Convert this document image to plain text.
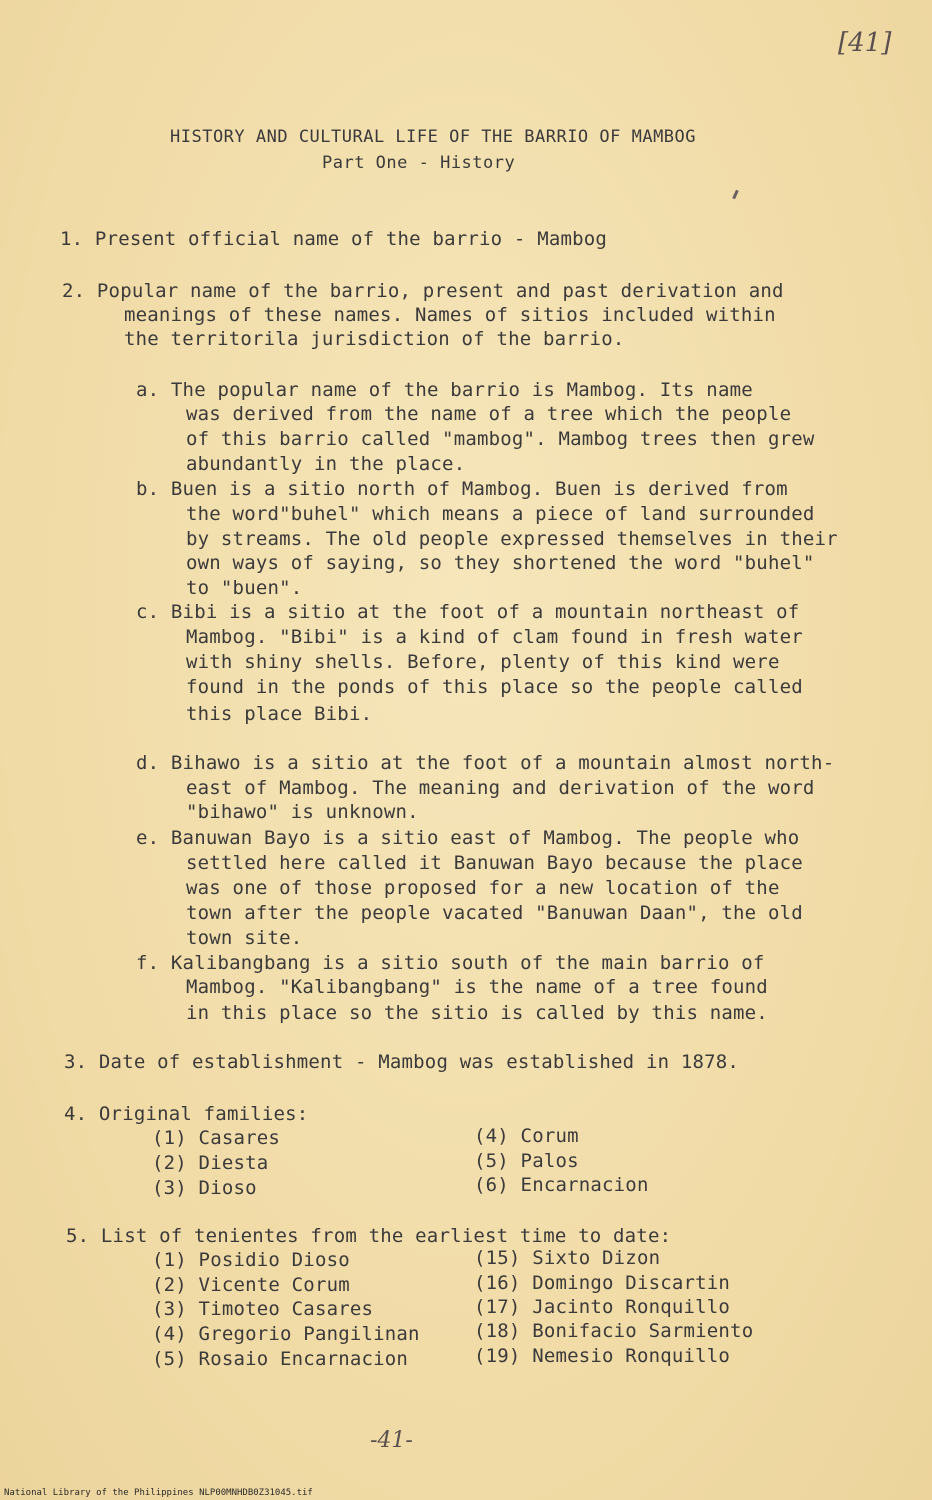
[41]
HISTORY AND CULTURAL LIFE OF THE BARRIO OF MAMBOG
Part One - History
1. Present official name of the barrio - Mambog
2. Popular name of the barrio, present and past derivation and
meanings of these names. Names of sitios included within
the territorila jurisdiction of the barrio.
a. The popular name of the barrio is Mambog. Its name
was derived from the name of a tree which the people
of this barrio called "mambog". Mambog trees then grew
abundantly in the place.
b. Buen is a sitio north of Mambog. Buen is derived from
the word"buhel" which means a piece of land surrounded
by streams. The old people expressed themselves in their
own ways of saying, so they shortened the word "buhel"
to "buen".
c. Bibi is a sitio at the foot of a mountain northeast of
Mambog. "Bibi" is a kind of clam found in fresh water
with shiny shells. Before, plenty of this kind were
found in the ponds of this place so the people called
this place Bibi.
d. Bihawo is a sitio at the foot of a mountain almost north-
east of Mambog. The meaning and derivation of the word
"bihawo" is unknown.
e. Banuwan Bayo is a sitio east of Mambog. The people who
settled here called it Banuwan Bayo because the place
was one of those proposed for a new location of the
town after the people vacated "Banuwan Daan", the old
town site.
f. Kalibangbang is a sitio south of the main barrio of
Mambog. "Kalibangbang" is the name of a tree found
in this place so the sitio is called by this name.
3. Date of establishment - Mambog was established in 1878.
4. Original families:
(1) Casares
(2) Diesta
(3) Dioso
(4) Corum
(5) Palos
(6) Encarnacion
5. List of tenientes from the earliest time to date:
(1) Posidio Dioso
(2) Vicente Corum
(3) Timoteo Casares
(4) Gregorio Pangilinan
(5) Rosaio Encarnacion
(15) Sixto Dizon
(16) Domingo Discartin
(17) Jacinto Ronquillo
(18) Bonifacio Sarmiento
(19) Nemesio Ronquillo
-41-
National Library of the Philippines NLP00MNHDB0Z31045.tif
